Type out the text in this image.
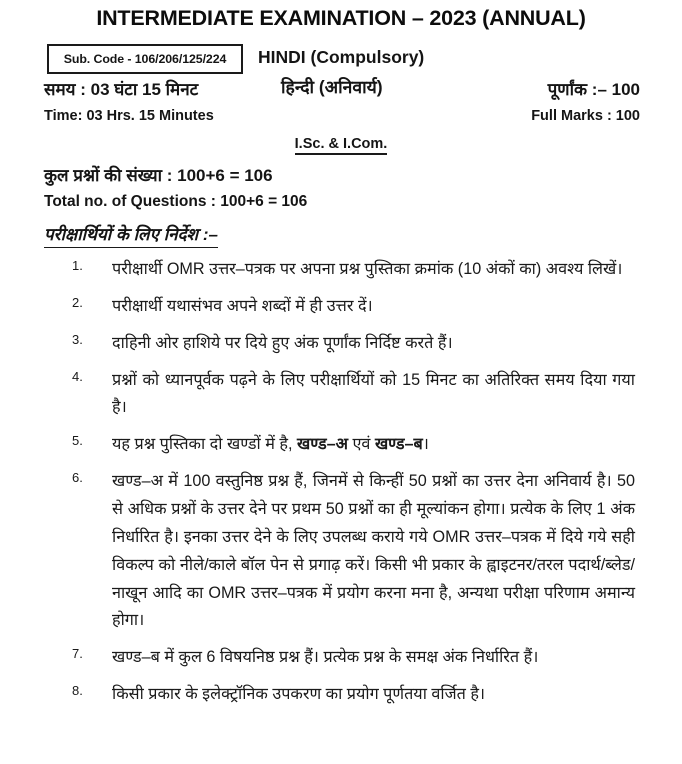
INTERMEDIATE EXAMINATION – 2023 (ANNUAL)
Sub. Code - 106/206/125/224 HINDI (Compulsory)
हिन्दी (अनिवार्य)
समय : 03 घंटा 15 मिनट
Time: 03 Hrs. 15 Minutes
पूर्णांक :– 100
Full Marks : 100
I.Sc. & I.Com.
कुल प्रश्नों की संख्या : 100+6 = 106
Total no. of Questions : 100+6 = 106
परीक्षार्थियों के लिए निर्देश :–
1.	परीक्षार्थी OMR उत्तर–पत्रक पर अपना प्रश्न पुस्तिका क्रमांक (10 अंकों का) अवश्य लिखें।
2.	परीक्षार्थी यथासंभव अपने शब्दों में ही उत्तर दें।
3.	दाहिनी ओर हाशिये पर दिये हुए अंक पूर्णांक निर्दिष्ट करते हैं।
4.	प्रश्नों को ध्यानपूर्वक पढ़ने के लिए परीक्षार्थियों को 15 मिनट का अतिरिक्त समय दिया गया है।
5.	यह प्रश्न पुस्तिका दो खण्डों में है, खण्ड–अ एवं खण्ड–ब।
6.	खण्ड–अ में 100 वस्तुनिष्ठ प्रश्न हैं, जिनमें से किन्हीं 50 प्रश्नों का उत्तर देना अनिवार्य है। 50 से अधिक प्रश्नों के उत्तर देने पर प्रथम 50 प्रश्नों का ही मूल्यांकन होगा। प्रत्येक के लिए 1 अंक निर्धारित है। इनका उत्तर देने के लिए उपलब्ध कराये गये OMR उत्तर–पत्रक में दिये गये सही विकल्प को नीले/काले बॉल पेन से प्रगाढ़ करें। किसी भी प्रकार के ह्वाइटनर/तरल पदार्थ/ब्लेड/नाखून आदि का OMR उत्तर–पत्रक में प्रयोग करना मना है, अन्यथा परीक्षा परिणाम अमान्य होगा।
7.	खण्ड–ब में कुल 6 विषयनिष्ठ प्रश्न हैं। प्रत्येक प्रश्न के समक्ष अंक निर्धारित हैं।
8.	किसी प्रकार के इलेक्ट्रॉनिक उपकरण का प्रयोग पूर्णतया वर्जित है।
